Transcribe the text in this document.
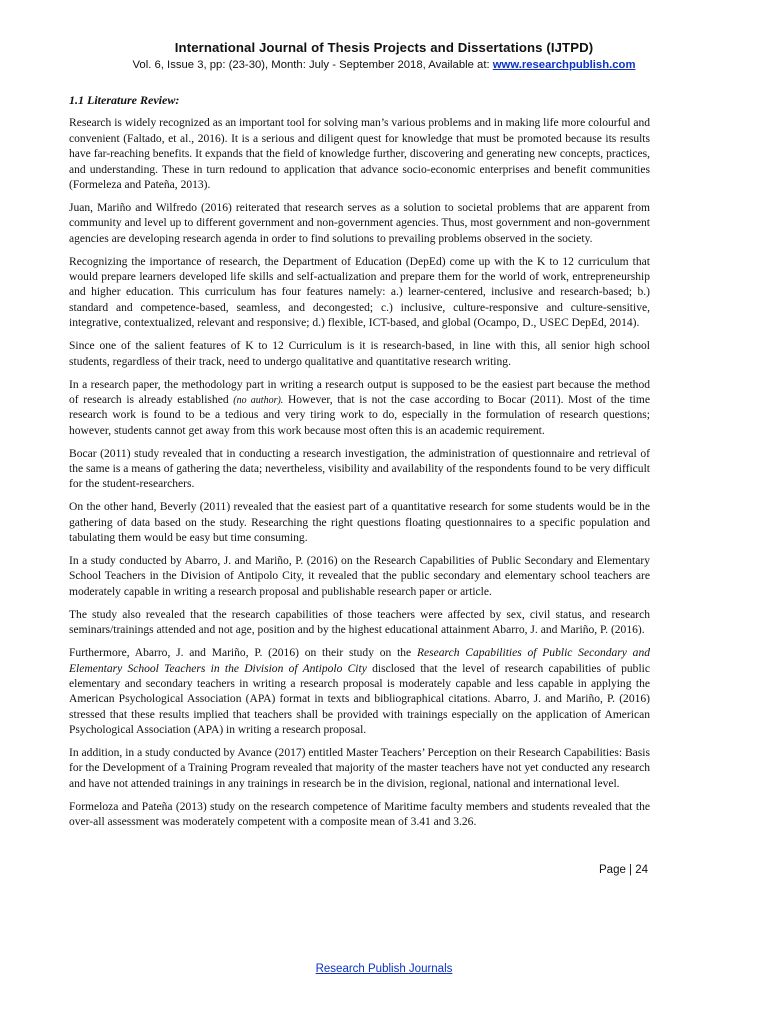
International Journal of Thesis Projects and Dissertations (IJTPD)
Vol. 6, Issue 3, pp: (23-30), Month: July - September 2018, Available at: www.researchpublish.com
1.1 Literature Review:

Research is widely recognized as an important tool for solving man’s various problems and in making life more colourful and convenient (Faltado, et al., 2016). It is a serious and diligent quest for knowledge that must be promoted because its results have far-reaching benefits. It expands that the field of knowledge further, discovering and generating new concepts, practices, and understanding. These in turn redound to application that advance socio-economic enterprises and benefit communities (Formeleza and Pateña, 2013).

Juan, Mariño and Wilfredo (2016) reiterated that research serves as a solution to societal problems that are apparent from community and level up to different government and non-government agencies. Thus, most government and non-government agencies are developing research agenda in order to find solutions to prevailing problems observed in the society.

Recognizing the importance of research, the Department of Education (DepEd) come up with the K to 12 curriculum that would prepare learners developed life skills and self-actualization and prepare them for the world of work, entrepreneurship and higher education. This curriculum has four features namely: a.) learner-centered, inclusive and research-based; b.) standard and competence-based, seamless, and decongested; c.) inclusive, culture-responsive and culture-sensitive, integrative, contextualized, relevant and responsive; d.) flexible, ICT-based, and global (Ocampo, D., USEC DepEd, 2014).

Since one of the salient features of K to 12 Curriculum is it is research-based, in line with this, all senior high school students, regardless of their track, need to undergo qualitative and quantitative research writing.

In a research paper, the methodology part in writing a research output is supposed to be the easiest part because the method of research is already established (no author). However, that is not the case according to Bocar (2011). Most of the time research work is found to be a tedious and very tiring work to do, especially in the formulation of research questions; however, students cannot get away from this work because most often this is an academic requirement.

Bocar (2011) study revealed that in conducting a research investigation, the administration of questionnaire and retrieval of the same is a means of gathering the data; nevertheless, visibility and availability of the respondents found to be very difficult for the student-researchers.

On the other hand, Beverly (2011) revealed that the easiest part of a quantitative research for some students would be in the gathering of data based on the study. Researching the right questions floating questionnaires to a specific population and tabulating them would be easy but time consuming.

In a study conducted by Abarro, J. and Mariño, P. (2016) on the Research Capabilities of Public Secondary and Elementary School Teachers in the Division of Antipolo City, it revealed that the public secondary and elementary school teachers are moderately capable in writing a research proposal and publishable research paper or article.

The study also revealed that the research capabilities of those teachers were affected by sex, civil status, and research seminars/trainings attended and not age, position and by the highest educational attainment Abarro, J. and Mariño, P. (2016).

Furthermore, Abarro, J. and Mariño, P. (2016) on their study on the Research Capabilities of Public Secondary and Elementary School Teachers in the Division of Antipolo City disclosed that the level of research capabilities of public elementary and secondary teachers in writing a research proposal is moderately capable and less capable in applying the American Psychological Association (APA) format in texts and bibliographical citations. Abarro, J. and Mariño, P. (2016) stressed that these results implied that teachers shall be provided with trainings especially on the application of American Psychological Association (APA) in writing a research proposal.

In addition, in a study conducted by Avance (2017) entitled Master Teachers’ Perception on their Research Capabilities: Basis for the Development of a Training Program revealed that majority of the master teachers have not yet conducted any research and have not attended trainings in any trainings in research be in the division, regional, national and international level.

Formeloza and Pateña (2013) study on the research competence of Maritime faculty members and students revealed that the over-all assessment was moderately competent with a composite mean of 3.41 and 3.26.

Page | 24
Research Publish Journals
